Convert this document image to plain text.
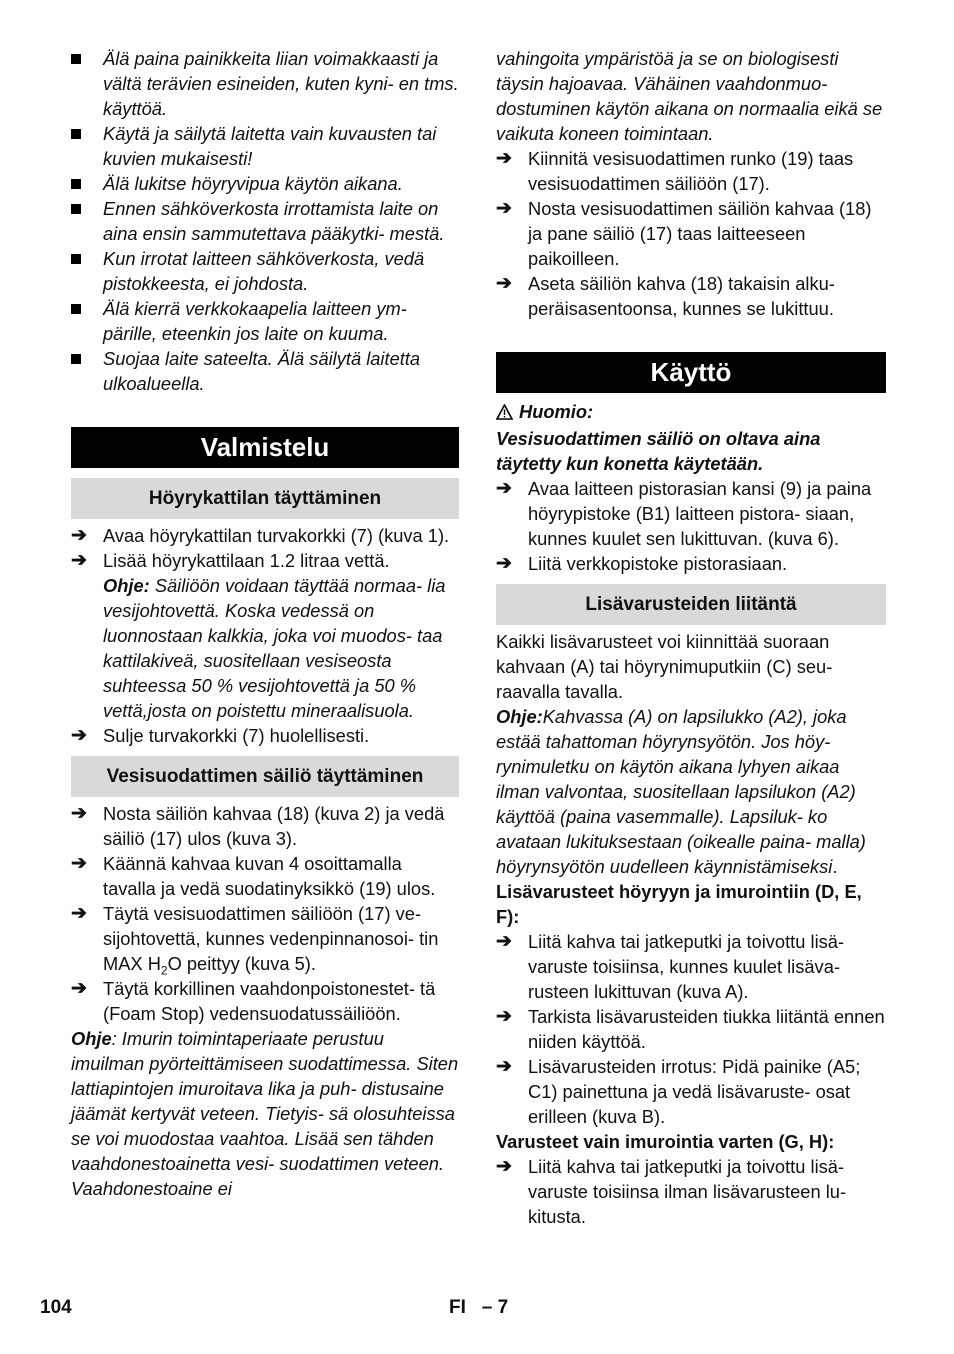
Älä paina painikkeita liian voimakkaasti ja vältä terävien esineiden, kuten kyni- en tms. käyttöä.
Käytä ja säilytä laitetta vain kuvausten tai kuvien mukaisesti!
Älä lukitse höyryvipua käytön aikana.
Ennen sähköverkosta irrottamista laite on aina ensin sammutettava pääkytki- mestä.
Kun irrotat laitteen sähköverkosta, vedä pistokkeesta, ei johdosta.
Älä kierrä verkkokaapelia laitteen ym- pärille, eteenkin jos laite on kuuma.
Suojaa laite sateelta. Älä säilytä laitetta ulkoalueella.
Valmistelu
Höyrykattilan täyttäminen
➔ Avaa höyrykattilan turvakorkki (7) (kuva 1).
➔ Lisää höyrykattilaan 1.2 litraa vettä.
Ohje: Säiliöön voidaan täyttää normaa- lia vesijohtovettä. Koska vedessä on luonnostaan kalkkia, joka voi muodos- taa kattilakiveä, suositellaan vesiseosta suhteessa 50 % vesijohtovettä ja 50 % vettä,josta on poistettu mineraalisuola.
➔ Sulje turvakorkki (7) huolellisesti.
Vesisuodattimen säiliö täyttäminen
➔ Nosta säiliön kahvaa (18) (kuva 2) ja vedä säiliö (17) ulos (kuva 3).
➔ Käännä kahvaa kuvan 4 osoittamalla tavalla ja vedä suodatinyksikkö (19) ulos.
➔ Täytä vesisuodattimen säiliöön (17) ve- sijohtovettä, kunnes vedenpinnanosoi- tin MAX $H_2O$ peittyy (kuva 5).
➔ Täytä korkillinen vaahdonpoistonestet- tä (Foam Stop) vedensuodatussäiliöön.
Ohje: Imurin toimintaperiaate perustuu imuilman pyörteittämiseen suodattimessa. Siten lattiapintojen imuroitava lika ja puh- distusaine jäämät kertyvät veteen. Tietyis- sä olosuhteissa se voi muodostaa vaahtoa. Lisää sen tähden vaahdonestoainetta vesi- suodattimen veteen. Vaahdonestoaine ei
vahingoita ympäristöä ja se on biologisesti täysin hajoavaa. Vähäinen vaahdonmuo- dostuminen käytön aikana on normaalia eikä se vaikuta koneen toimintaan.
➔ Kiinnitä vesisuodattimen runko (19) taas vesisuodattimen säiliöön (17).
➔ Nosta vesisuodattimen säiliön kahvaa (18) ja pane säiliö (17) taas laitteeseen paikoilleen.
➔ Aseta säiliön kahva (18) takaisin alku- peräisasentoonsa, kunnes se lukittuu.
Käyttö
Huomio:
Vesisuodattimen säiliö on oltava aina täytetty kun konetta käytetään.
➔ Avaa laitteen pistorasian kansi (9) ja paina höyrypistoke (B1) laitteen pistora- siaan, kunnes kuulet sen lukittuvan. (kuva 6).
➔ Liitä verkkopistoke pistorasiaan.
Lisävarusteiden liitäntä
Kaikki lisävarusteet voi kiinnittää suoraan kahvaan (A) tai höyrynimuputkiin (C) seu- raavalla tavalla.
Ohje:Kahvassa (A) on lapsilukko (A2), joka estää tahattoman höyrynsyötön. Jos höy- rynimuletku on käytön aikana lyhyen aikaa ilman valvontaa, suositellaan lapsilukon (A2) käyttöä (paina vasemmalle). Lapsiluk- ko avataan lukituksestaan (oikealle paina- malla) höyrynsyötön uudelleen käynnistämiseksi.
Lisävarusteet höyryyn ja imurointiin (D, E, F):
➔ Liitä kahva tai jatkeputki ja toivottu lisä- varuste toisiinsa, kunnes kuulet lisäva- rusteen lukittuvan (kuva A).
➔ Tarkista lisävarusteiden tiukka liitäntä ennen niiden käyttöä.
➔ Lisävarusteiden irrotus: Pidä painike (A5; C1) painettuna ja vedä lisävaruste- osat erilleen (kuva B).
Varusteet vain imurointia varten (G, H):
➔ Liitä kahva tai jatkeputki ja toivottu lisä- varuste toisiinsa ilman lisävarusteen lu- kitusta.
104	FI   – 7
